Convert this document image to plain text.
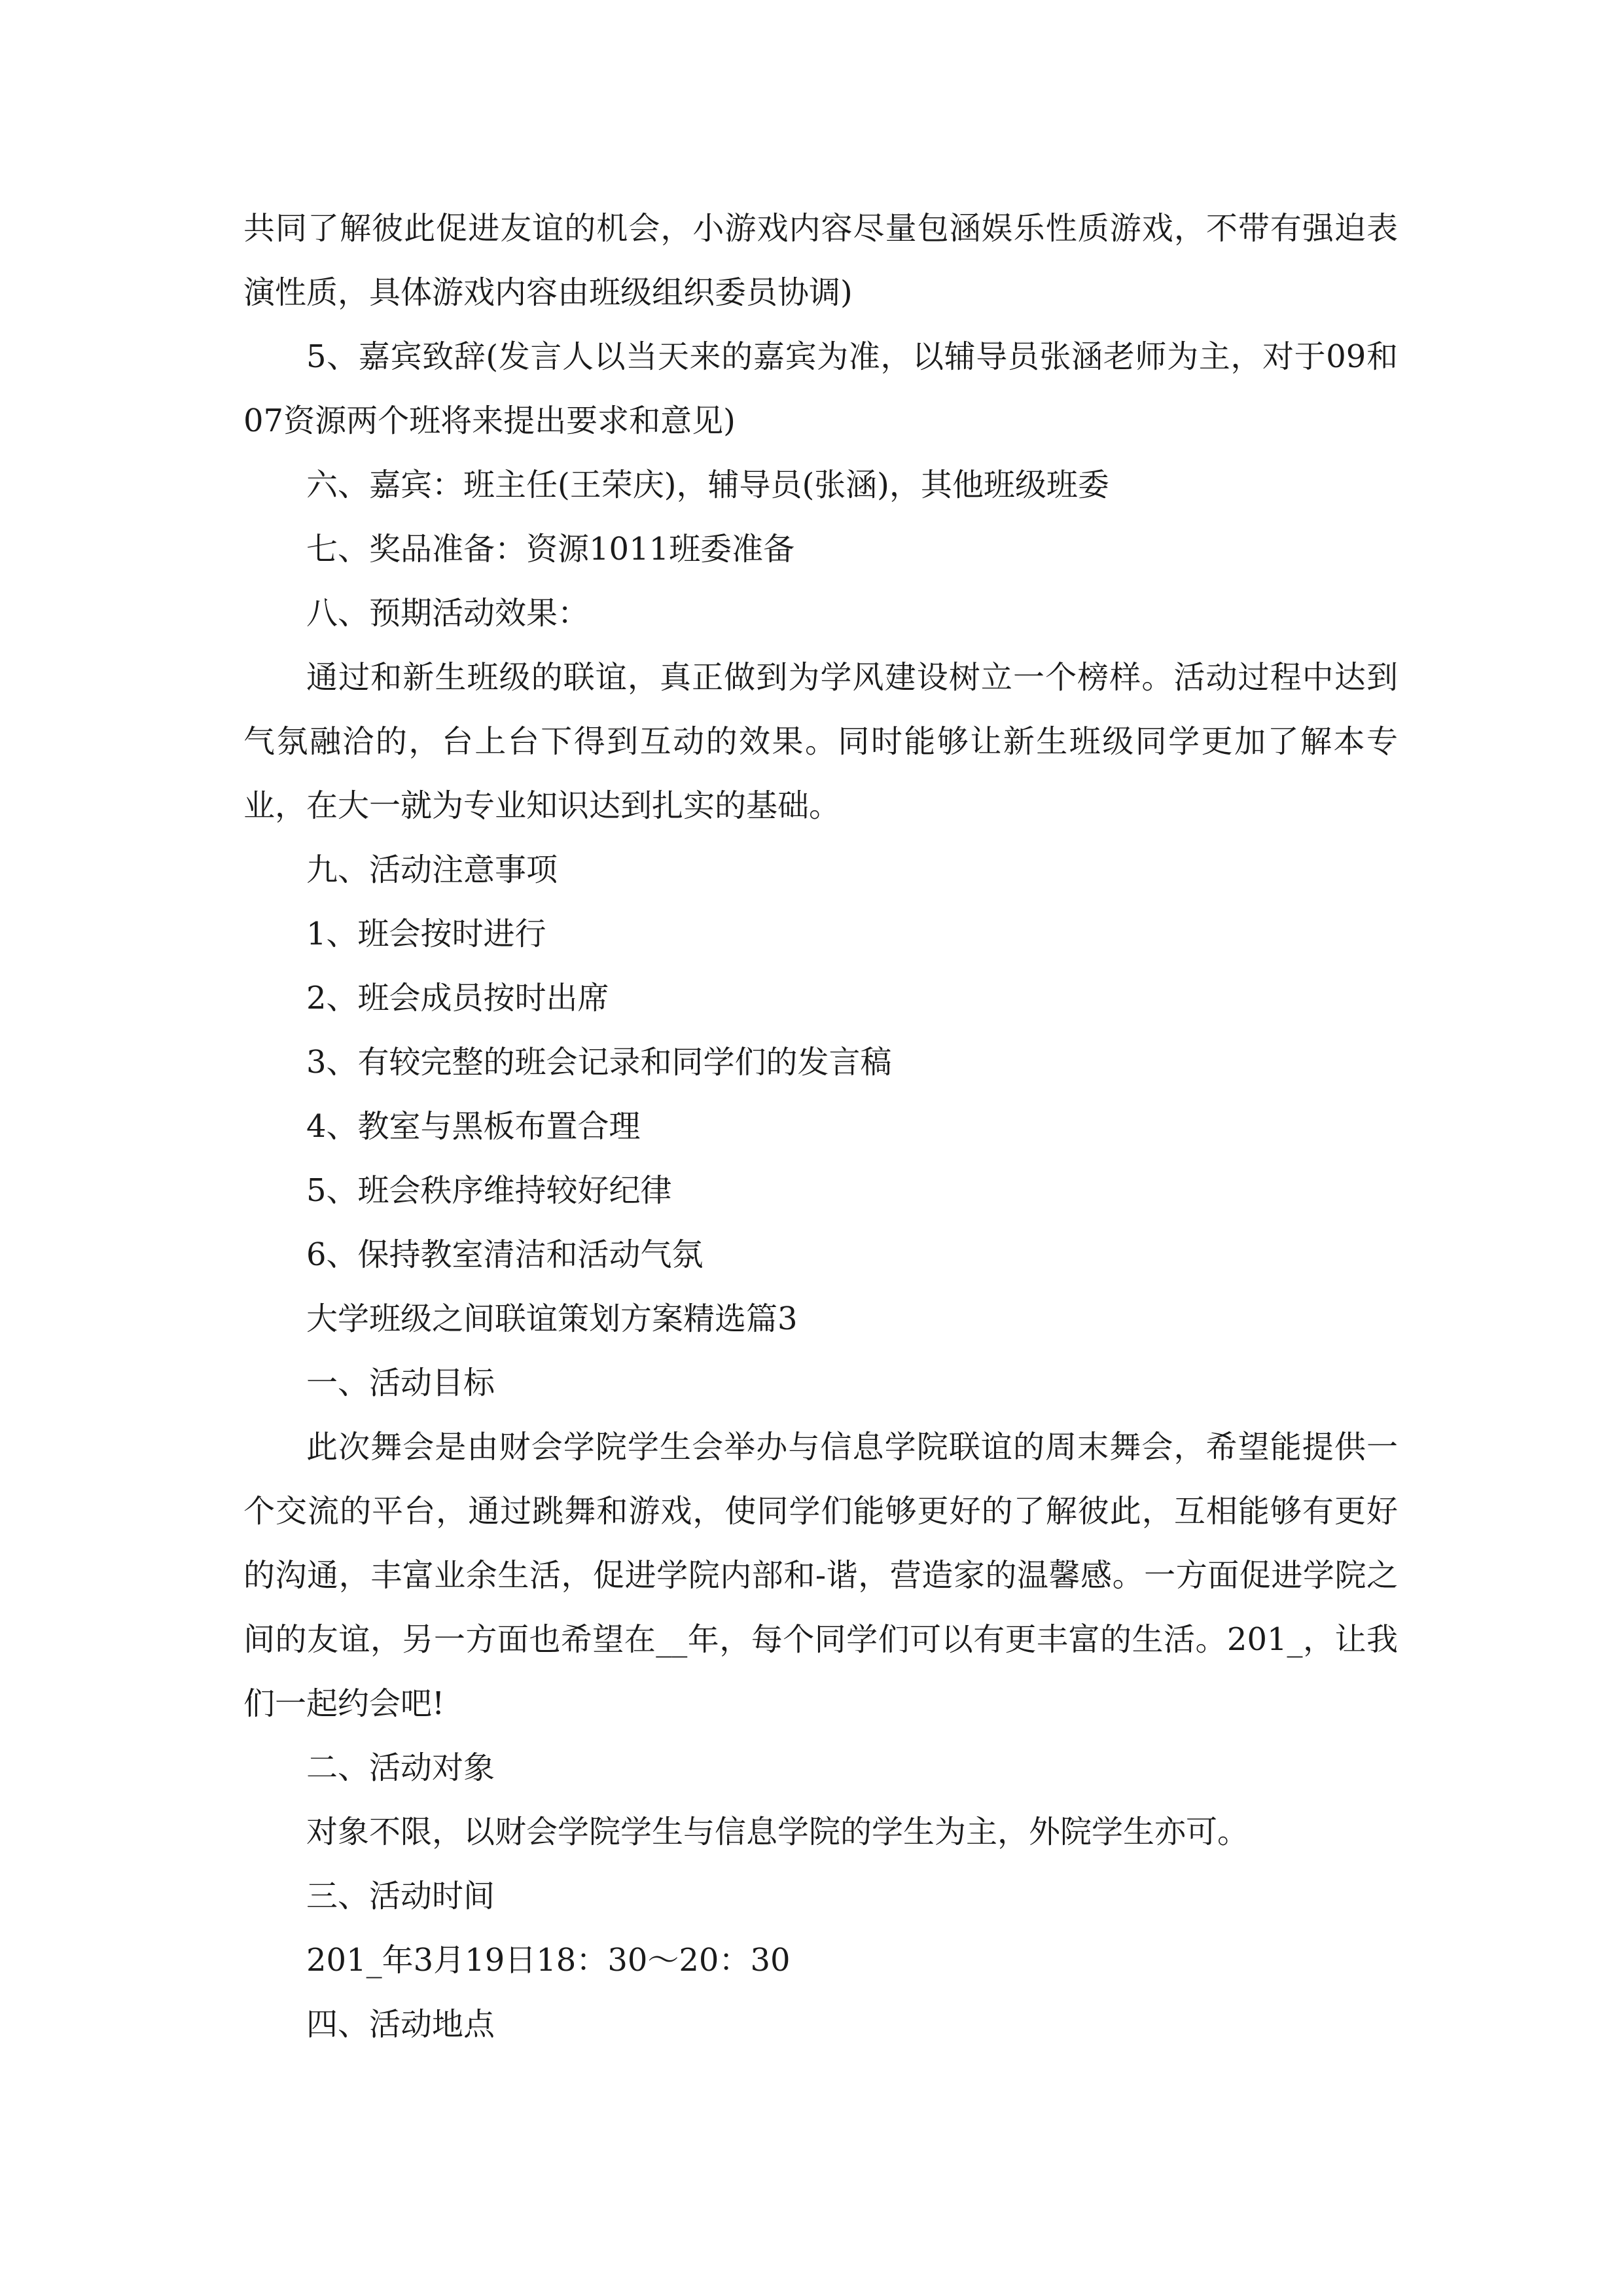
共同了解彼此促进友谊的机会，小游戏内容尽量包涵娱乐性质游戏，不带有强迫表演性质，具体游戏内容由班级组织委员协调)

5、嘉宾致辞(发言人以当天来的嘉宾为准，以辅导员张涵老师为主，对于09和07资源两个班将来提出要求和意见)

六、嘉宾：班主任(王荣庆)，辅导员(张涵)，其他班级班委

七、奖品准备：资源1011班委准备

八、预期活动效果：

通过和新生班级的联谊，真正做到为学风建设树立一个榜样。活动过程中达到气氛融洽的，台上台下得到互动的效果。同时能够让新生班级同学更加了解本专业，在大一就为专业知识达到扎实的基础。

九、活动注意事项

1、班会按时进行

2、班会成员按时出席

3、有较完整的班会记录和同学们的发言稿

4、教室与黑板布置合理

5、班会秩序维持较好纪律

6、保持教室清洁和活动气氛

大学班级之间联谊策划方案精选篇3

一、活动目标

此次舞会是由财会学院学生会举办与信息学院联谊的周末舞会，希望能提供一个交流的平台，通过跳舞和游戏，使同学们能够更好的了解彼此，互相能够有更好的沟通，丰富业余生活，促进学院内部和-谐，营造家的温馨感。一方面促进学院之间的友谊，另一方面也希望在__年，每个同学们可以有更丰富的生活。201_，让我们一起约会吧!

二、活动对象

对象不限，以财会学院学生与信息学院的学生为主，外院学生亦可。

三、活动时间

201_年3月19日18：30～20：30

四、活动地点
